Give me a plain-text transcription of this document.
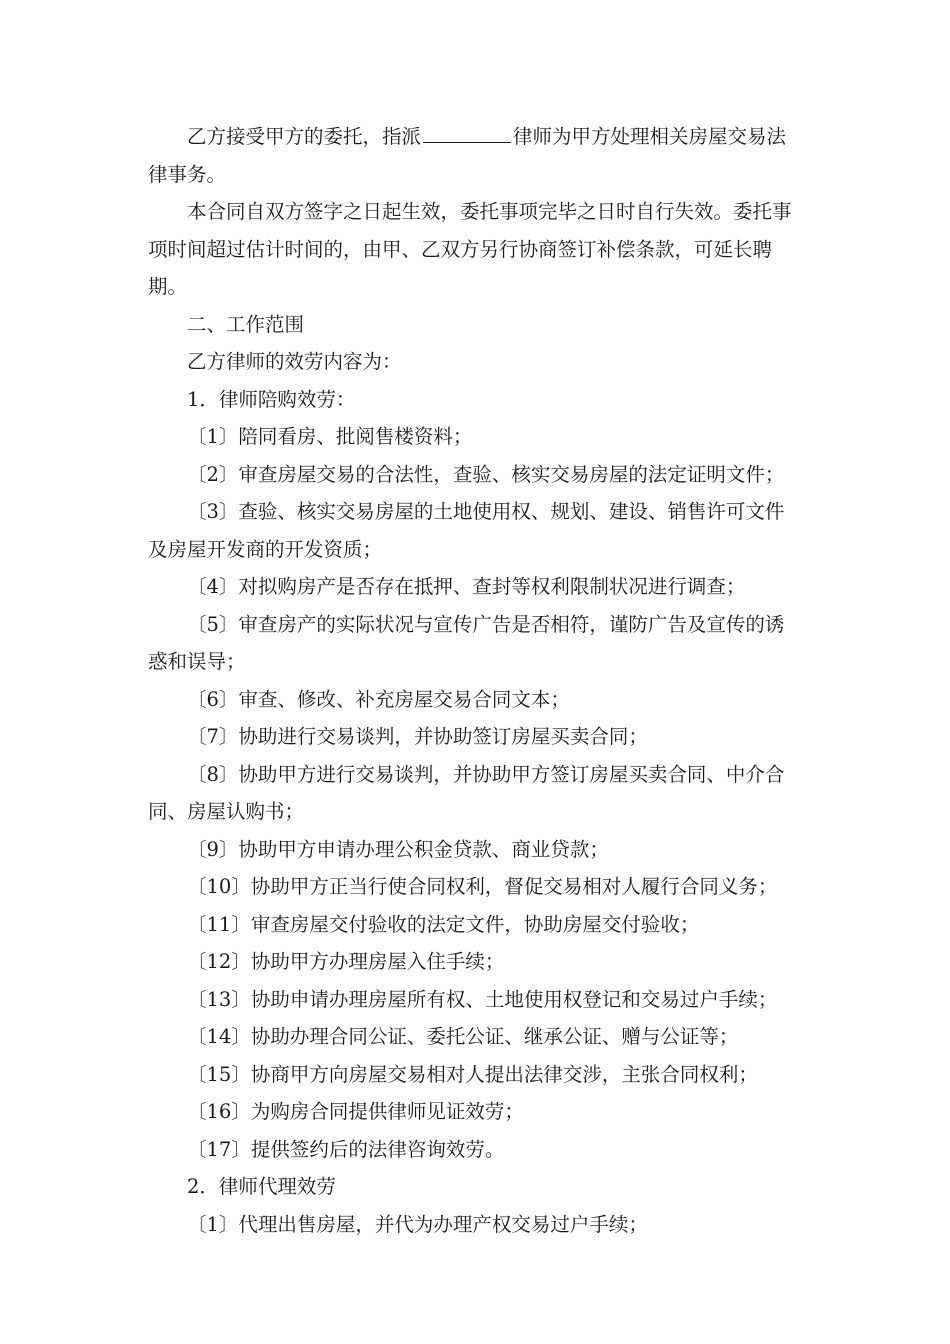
乙方接受甲方的委托，指派	律师为甲方处理相关房屋交易法律事务。

本合同自双方签字之日起生效，委托事项完毕之日时自行失效。委托事项时间超过估计时间的，由甲、乙双方另行协商签订补偿条款，可延长聘期。

二、工作范围

乙方律师的效劳内容为：

1．律师陪购效劳：

〔1〕陪同看房、批阅售楼资料；

〔2〕审查房屋交易的合法性，查验、核实交易房屋的法定证明文件；

〔3〕查验、核实交易房屋的土地使用权、规划、建设、销售许可文件及房屋开发商的开发资质；

〔4〕对拟购房产是否存在抵押、查封等权利限制状况进行调查；

〔5〕审查房产的实际状况与宣传广告是否相符，谨防广告及宣传的诱惑和误导；

〔6〕审查、修改、补充房屋交易合同文本；

〔7〕协助进行交易谈判，并协助签订房屋买卖合同；

〔8〕协助甲方进行交易谈判，并协助甲方签订房屋买卖合同、中介合同、房屋认购书；

〔9〕协助甲方申请办理公积金贷款、商业贷款；

〔10〕协助甲方正当行使合同权利，督促交易相对人履行合同义务；

〔11〕审查房屋交付验收的法定文件，协助房屋交付验收；

〔12〕协助甲方办理房屋入住手续；

〔13〕协助申请办理房屋所有权、土地使用权登记和交易过户手续；

〔14〕协助办理合同公证、委托公证、继承公证、赠与公证等；

〔15〕协商甲方向房屋交易相对人提出法律交涉，主张合同权利；

〔16〕为购房合同提供律师见证效劳；

〔17〕提供签约后的法律咨询效劳。

2．律师代理效劳

〔1〕代理出售房屋，并代为办理产权交易过户手续；
